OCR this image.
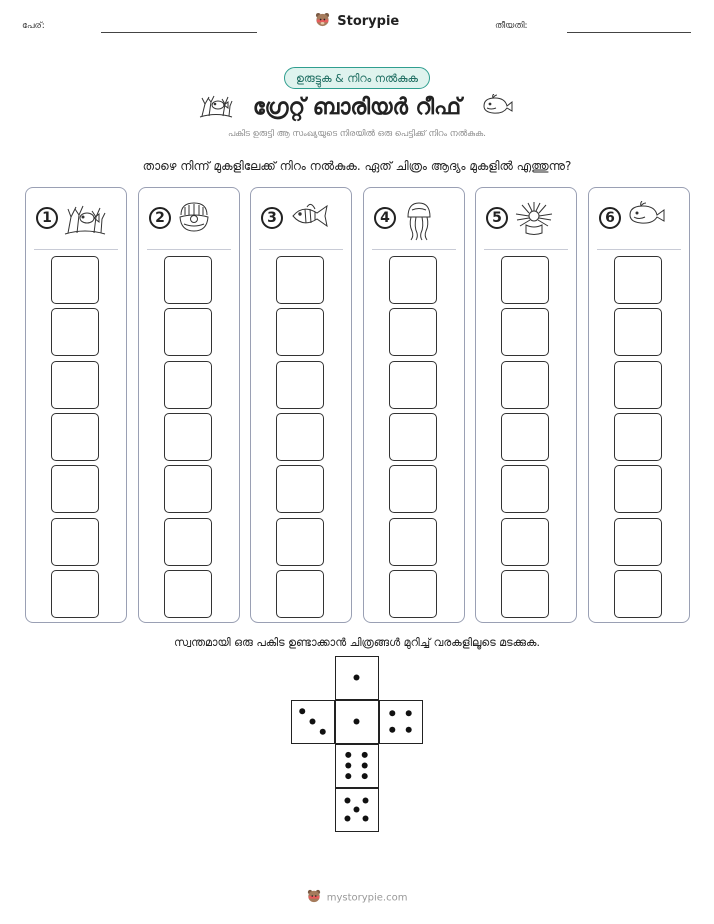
പേര്:	Storypie	തീയതി:
ഉരുട്ടുക & നിറം നൽകുക
ഗ്രേറ്റ് ബാരിയർ റീഫ്
പകിട ഉരുട്ടി ആ സംഖ്യയുടെ നിരയിൽ ഒരു പെട്ടിക്ക് നിറം നൽകുക.
താഴെ നിന്ന് മുകളിലേക്ക് നിറം നൽകുക. ഏത് ചിത്രം ആദ്യം മുകളിൽ എത്തുന്നു?
1	2	3	4	5	6
സ്വന്തമായി ഒരു പകിട ഉണ്ടാക്കാൻ ചിത്രങ്ങൾ മുറിച്ച് വരകളിലൂടെ മടക്കുക.
mystorypie.com
